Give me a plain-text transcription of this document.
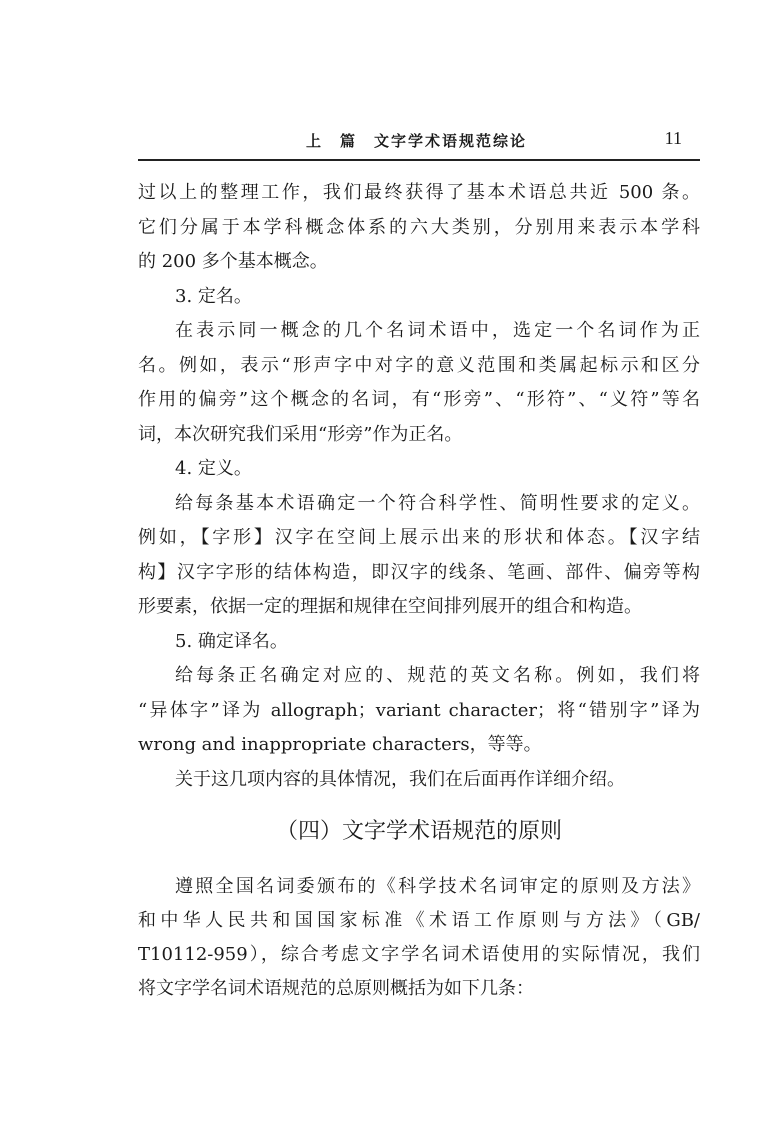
上　篇　文字学术语规范综论	11
过以上的整理工作，我们最终获得了基本术语总共近 500 条。
它们分属于本学科概念体系的六大类别，分别用来表示本学科
的 200 多个基本概念。
3. 定名。
在表示同一概念的几个名词术语中，选定一个名词作为正
名。例如，表示“形声字中对字的意义范围和类属起标示和区分
作用的偏旁”这个概念的名词，有“形旁”、“形符”、“义符”等名
词，本次研究我们采用“形旁”作为正名。
4. 定义。
给每条基本术语确定一个符合科学性、简明性要求的定义。
例如，【字形】汉字在空间上展示出来的形状和体态。【汉字结
构】汉字字形的结体构造，即汉字的线条、笔画、部件、偏旁等构
形要素，依据一定的理据和规律在空间排列展开的组合和构造。
5. 确定译名。
给每条正名确定对应的、规范的英文名称。例如，我们将
“异体字”译为 allograph；variant character；将“错别字”译为
wrong and inappropriate characters，等等。
关于这几项内容的具体情况，我们在后面再作详细介绍。
（四）文字学术语规范的原则
遵照全国名词委颁布的《科学技术名词审定的原则及方法》
和中华人民共和国国家标准《术语工作原则与方法》（GB/
T10112-959），综合考虑文字学名词术语使用的实际情况，我们
将文字学名词术语规范的总原则概括为如下几条：
